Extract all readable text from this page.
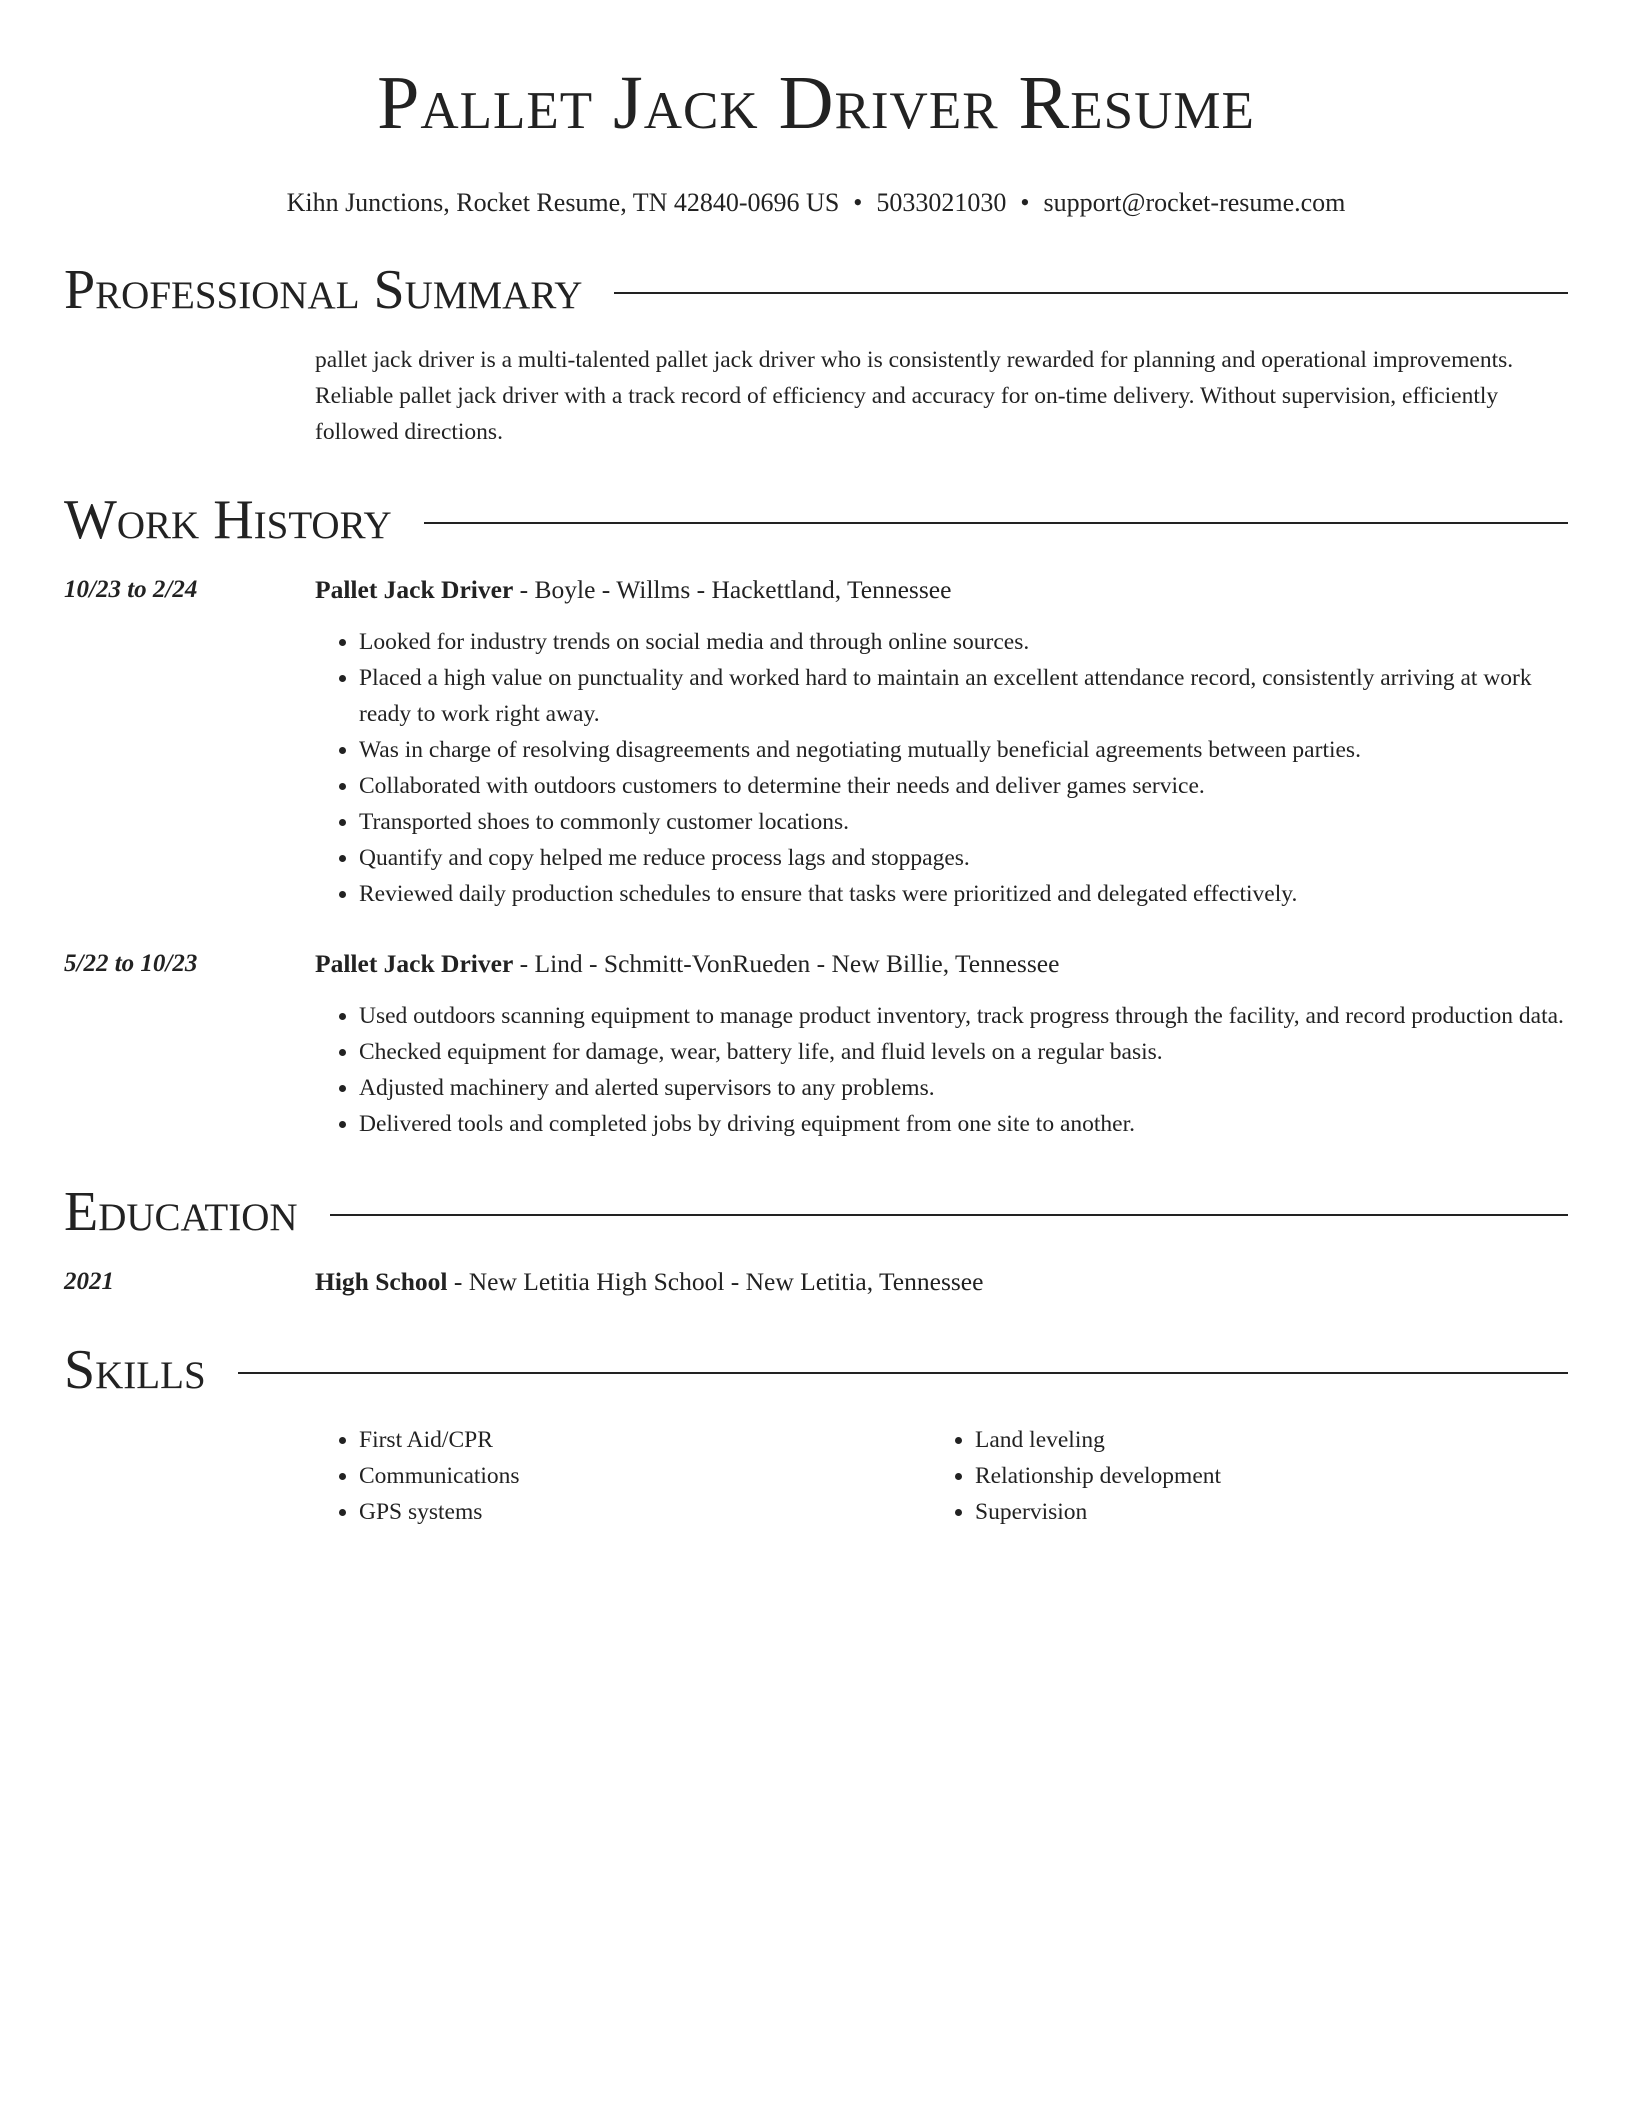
Pallet Jack Driver Resume
Kihn Junctions, Rocket Resume, TN 42840-0696 US • 5033021030 • support@rocket-resume.com
Professional Summary
pallet jack driver is a multi-talented pallet jack driver who is consistently rewarded for planning and operational improvements. Reliable pallet jack driver with a track record of efficiency and accuracy for on-time delivery. Without supervision, efficiently followed directions.
Work History
10/23 to 2/24	Pallet Jack Driver - Boyle - Willms - Hackettland, Tennessee
• Looked for industry trends on social media and through online sources.
• Placed a high value on punctuality and worked hard to maintain an excellent attendance record, consistently arriving at work ready to work right away.
• Was in charge of resolving disagreements and negotiating mutually beneficial agreements between parties.
• Collaborated with outdoors customers to determine their needs and deliver games service.
• Transported shoes to commonly customer locations.
• Quantify and copy helped me reduce process lags and stoppages.
• Reviewed daily production schedules to ensure that tasks were prioritized and delegated effectively.
5/22 to 10/23	Pallet Jack Driver - Lind - Schmitt-VonRueden - New Billie, Tennessee
• Used outdoors scanning equipment to manage product inventory, track progress through the facility, and record production data.
• Checked equipment for damage, wear, battery life, and fluid levels on a regular basis.
• Adjusted machinery and alerted supervisors to any problems.
• Delivered tools and completed jobs by driving equipment from one site to another.
Education
2021	High School - New Letitia High School - New Letitia, Tennessee
Skills
• First Aid/CPR
• Communications
• GPS systems
• Land leveling
• Relationship development
• Supervision
